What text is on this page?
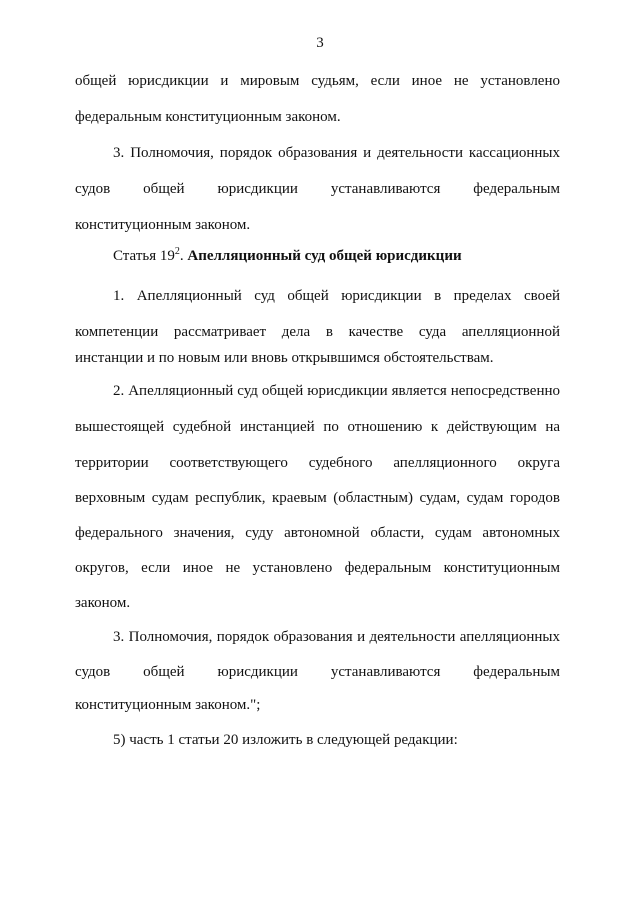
3
общей юрисдикции и мировым судьям, если иное не установлено
федеральным конституционным законом.
3. Полномочия, порядок образования и деятельности кассационных
судов общей юрисдикции устанавливаются федеральным
конституционным законом.
Статья $19^2$. Апелляционный суд общей юрисдикции
1. Апелляционный суд общей юрисдикции в пределах своей
компетенции рассматривает дела в качестве суда апелляционной
инстанции и по новым или вновь открывшимся обстоятельствам.
2. Апелляционный суд общей юрисдикции является непосредственно
вышестоящей судебной инстанцией по отношению к действующим на
территории соответствующего судебного апелляционного округа
верховным судам республик, краевым (областным) судам, судам городов
федерального значения, суду автономной области, судам автономных
округов, если иное не установлено федеральным конституционным
законом.
3. Полномочия, порядок образования и деятельности апелляционных
судов общей юрисдикции устанавливаются федеральным
конституционным законом.";
5) часть 1 статьи 20 изложить в следующей редакции:
